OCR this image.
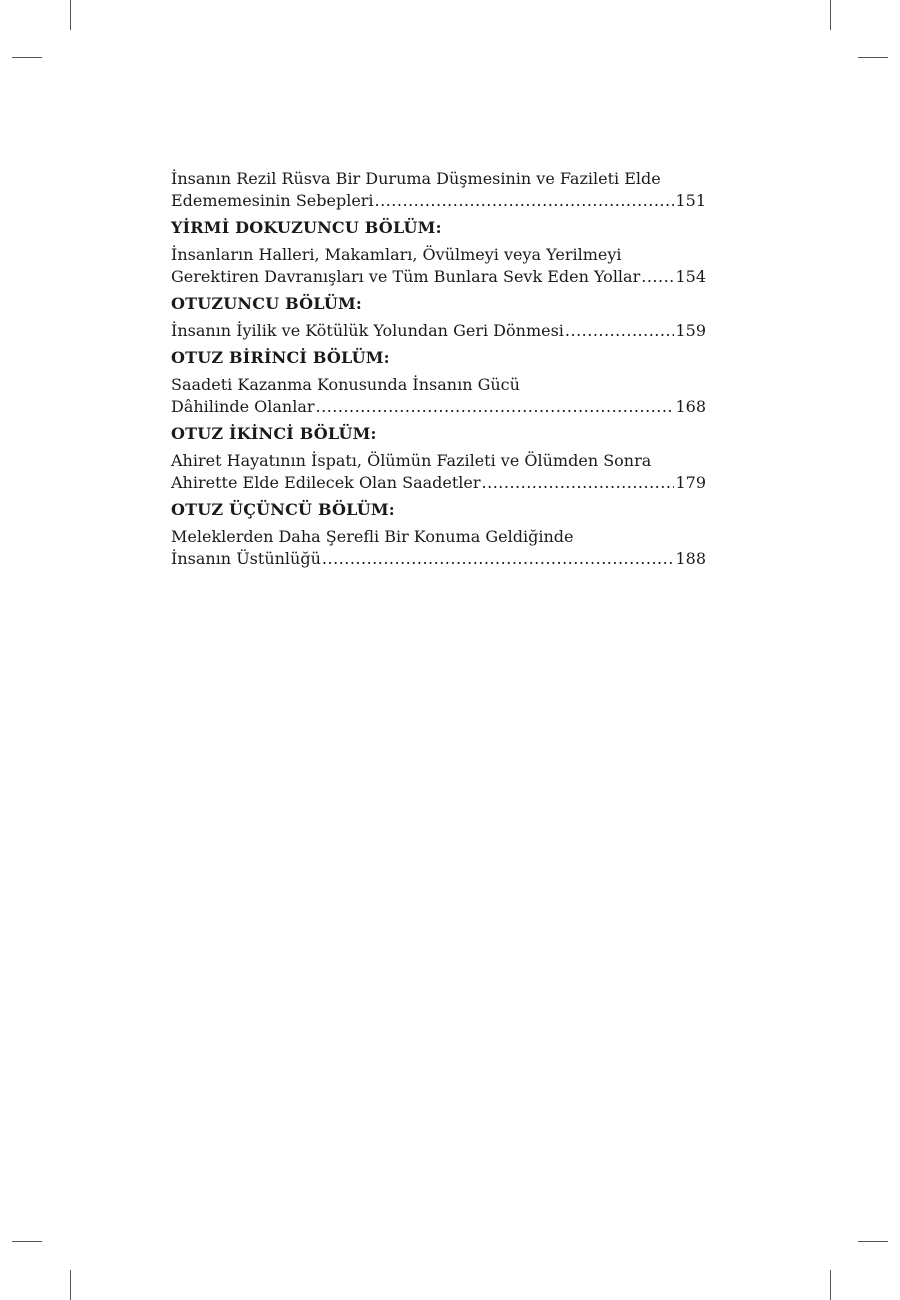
İnsanın Rezil Rüsva Bir Duruma Düşmesinin ve Fazileti Elde
Edememesinin Sebepleri .....	151
YİRMİ DOKUZUNCU BÖLÜM:
İnsanların Halleri, Makamları, Övülmeyi veya Yerilmeyi
Gerektiren Davranışları ve Tüm Bunlara Sevk Eden Yollar ..... 154
OTUZUNCU BÖLÜM:
İnsanın İyilik ve Kötülük Yolundan Geri Dönmesi .....	159
OTUZ BİRİNCİ BÖLÜM:
Saadeti Kazanma Konusunda İnsanın Gücü
Dâhilinde Olanlar .....	168
OTUZ İKİNCİ BÖLÜM:
Ahiret Hayatının İspatı, Ölümün Fazileti ve Ölümden Sonra
Ahirette Elde Edilecek Olan Saadetler .....	179
OTUZ ÜÇÜNCÜ BÖLÜM:
Meleklerden Daha Şerefli Bir Konuma Geldiğinde
İnsanın Üstünlüğü .....	188
